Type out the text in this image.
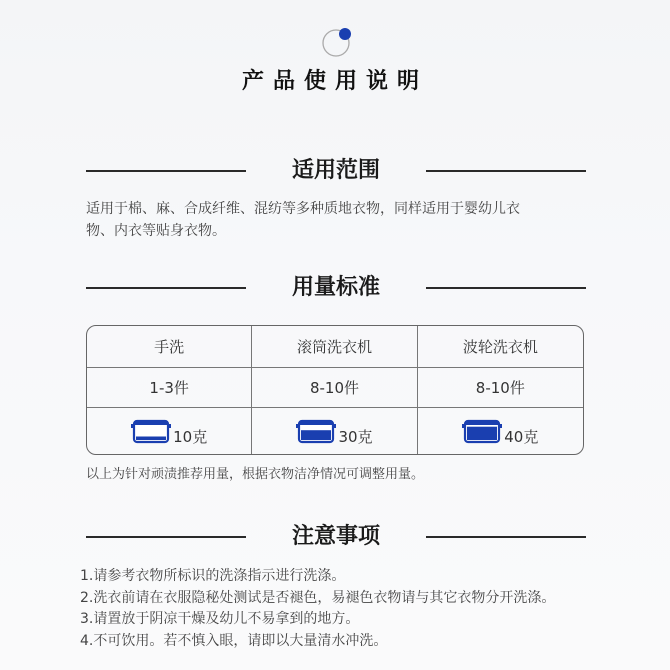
产品使用说明
适用范围

适用于棉、麻、合成纤维、混纺等多种质地衣物，同样适用于婴幼儿衣
物、内衣等贴身衣物。

用量标准
手洗	滚筒洗衣机	波轮洗衣机
1-3件	8-10件	8-10件
10克	30克	40克
以上为针对顽渍推荐用量，根据衣物洁净情况可调整用量。
注意事项
1.请参考衣物所标识的洗涤指示进行洗涤。
2.洗衣前请在衣服隐秘处测试是否褪色，易褪色衣物请与其它衣物分开洗涤。
3.请置放于阴凉干燥及幼儿不易拿到的地方。
4.不可饮用。若不慎入眼，请即以大量清水冲洗。
